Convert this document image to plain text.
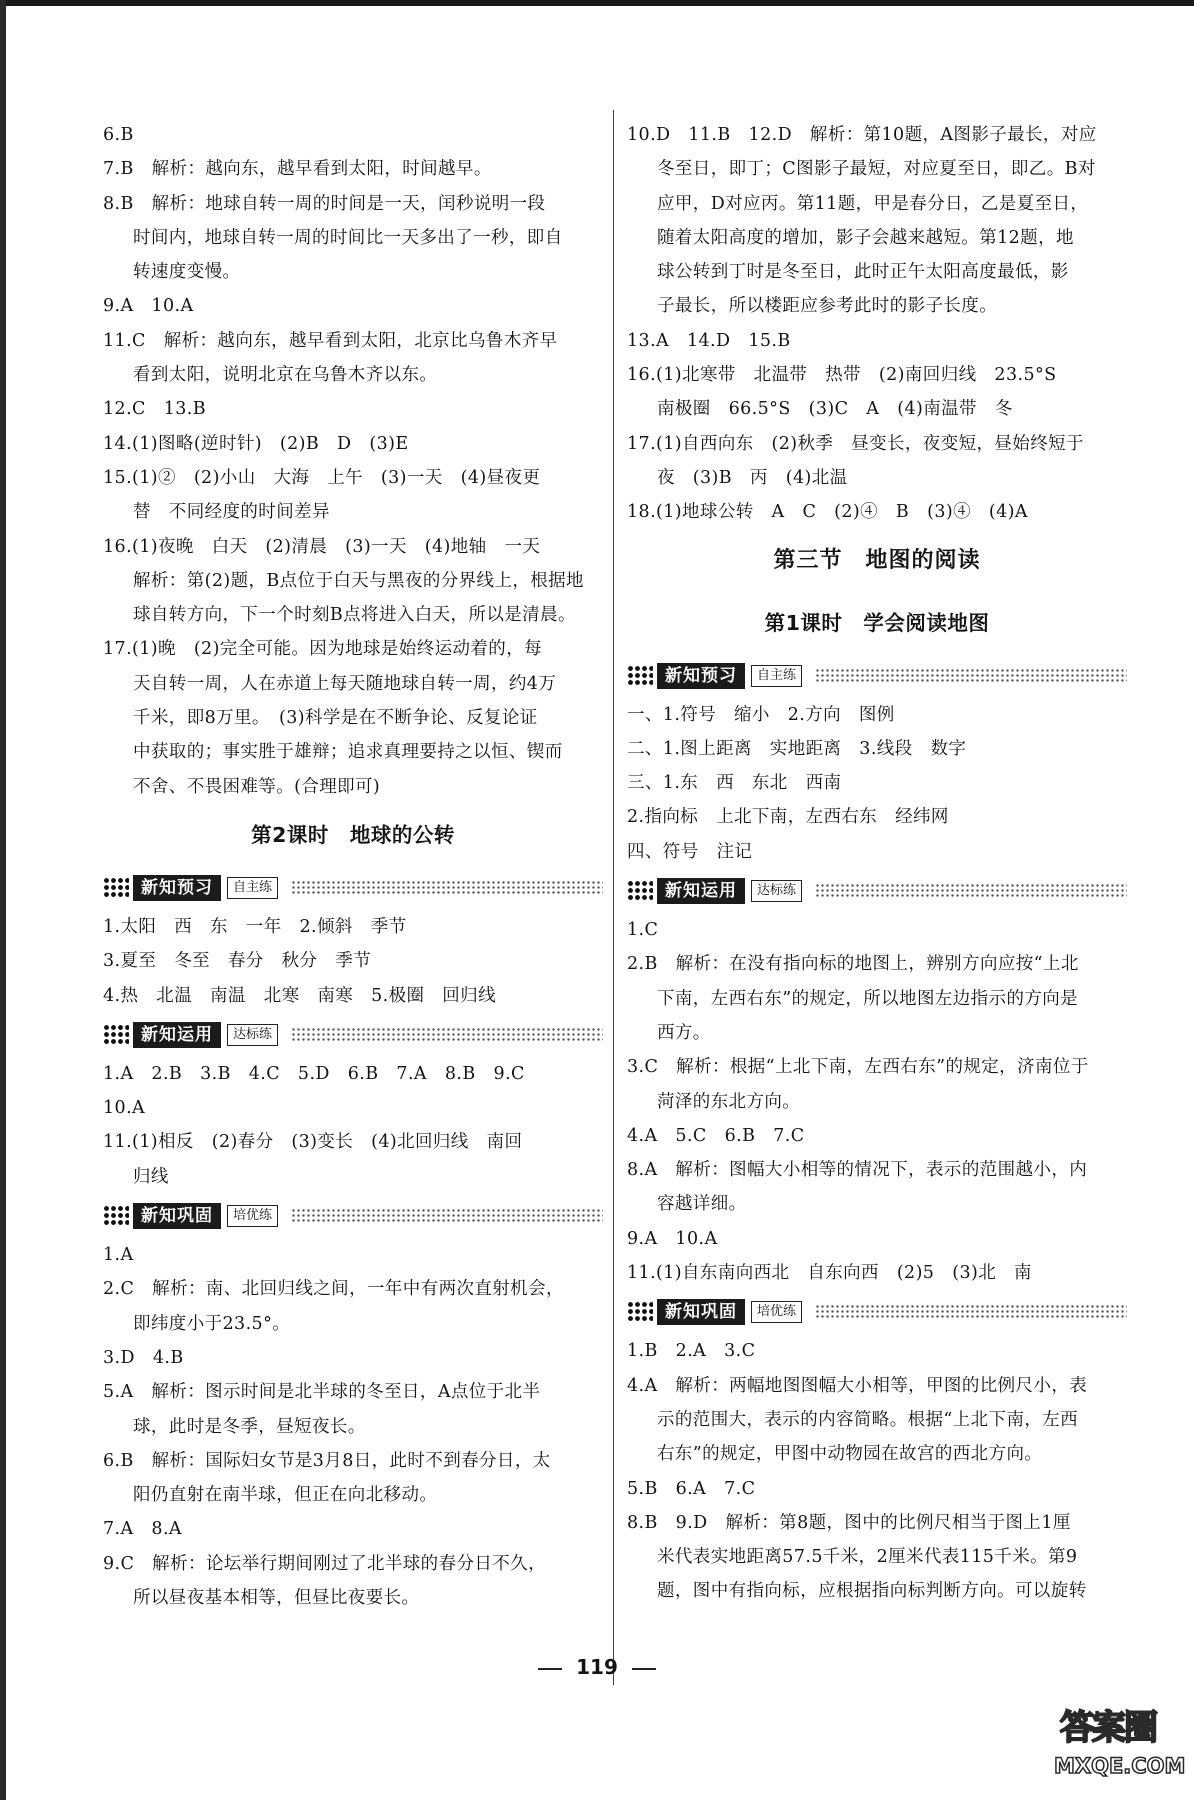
6.B
7.B　解析：越向东，越早看到太阳，时间越早。
8.B　解析：地球自转一周的时间是一天，闰秒说明一段
时间内，地球自转一周的时间比一天多出了一秒，即自
转速度变慢。
9.A　10.A
11.C　解析：越向东，越早看到太阳，北京比乌鲁木齐早
看到太阳，说明北京在乌鲁木齐以东。
12.C　13.B
14.(1)图略(逆时针)　(2)B　D　(3)E
15.(1)②　(2)小山　大海　上午　(3)一天　(4)昼夜更
替　不同经度的时间差异
16.(1)夜晚　白天　(2)清晨　(3)一天　(4)地轴　一天
解析：第(2)题，B点位于白天与黑夜的分界线上，根据地
球自转方向，下一个时刻B点将进入白天，所以是清晨。
17.(1)晚　(2)完全可能。因为地球是始终运动着的，每
天自转一周，人在赤道上每天随地球自转一周，约4万
千米，即8万里。　(3)科学是在不断争论、反复论证
中获取的；事实胜于雄辩；追求真理要持之以恒、锲而
不舍、不畏困难等。(合理即可)
第2课时　地球的公转
新知预习	自主练
1.太阳　西　东　一年　2.倾斜　季节
3.夏至　冬至　春分　秋分　季节
4.热　北温　南温　北寒　南寒　5.极圈　回归线
新知运用	达标练
1.A　2.B　3.B　4.C　5.D　6.B　7.A　8.B　9.C
10.A
11.(1)相反　(2)春分　(3)变长　(4)北回归线　南回
归线
新知巩固	培优练
1.A
2.C　解析：南、北回归线之间，一年中有两次直射机会，
即纬度小于23.5°。
3.D　4.B
5.A　解析：图示时间是北半球的冬至日，A点位于北半
球，此时是冬季，昼短夜长。
6.B　解析：国际妇女节是3月8日，此时不到春分日，太
阳仍直射在南半球，但正在向北移动。
7.A　8.A
9.C　解析：论坛举行期间刚过了北半球的春分日不久，
所以昼夜基本相等，但昼比夜要长。
10.D　11.B　12.D　解析：第10题，A图影子最长，对应
冬至日，即丁；C图影子最短，对应夏至日，即乙。B对
应甲，D对应丙。第11题，甲是春分日，乙是夏至日，
随着太阳高度的增加，影子会越来越短。第12题，地
球公转到丁时是冬至日，此时正午太阳高度最低，影
子最长，所以楼距应参考此时的影子长度。
13.A　14.D　15.B
16.(1)北寒带　北温带　热带　(2)南回归线　23.5°S
南极圈　66.5°S　(3)C　A　(4)南温带　冬
17.(1)自西向东　(2)秋季　昼变长，夜变短，昼始终短于
夜　(3)B　丙　(4)北温
18.(1)地球公转　A　C　(2)④　B　(3)④　(4)A
第三节　地图的阅读
第1课时　学会阅读地图
新知预习	自主练
一、1.符号　缩小　2.方向　图例
二、1.图上距离　实地距离　3.线段　数字
三、1.东　西　东北　西南
2.指向标　上北下南，左西右东　经纬网
四、符号　注记
新知运用	达标练
1.C
2.B　解析：在没有指向标的地图上，辨别方向应按“上北
下南，左西右东”的规定，所以地图左边指示的方向是
西方。
3.C　解析：根据“上北下南，左西右东”的规定，济南位于
菏泽的东北方向。
4.A　5.C　6.B　7.C
8.A　解析：图幅大小相等的情况下，表示的范围越小，内
容越详细。
9.A　10.A
11.(1)自东南向西北　自东向西　(2)5　(3)北　南
新知巩固	培优练
1.B　2.A　3.C
4.A　解析：两幅地图图幅大小相等，甲图的比例尺小，表
示的范围大，表示的内容简略。根据“上北下南，左西
右东”的规定，甲图中动物园在故宫的西北方向。
5.B　6.A　7.C
8.B　9.D　解析：第8题，图中的比例尺相当于图上1厘
米代表实地距离57.5千米，2厘米代表115千米。第9
题，图中有指向标，应根据指向标判断方向。可以旋转
119
答案圈
MXQE.COM
